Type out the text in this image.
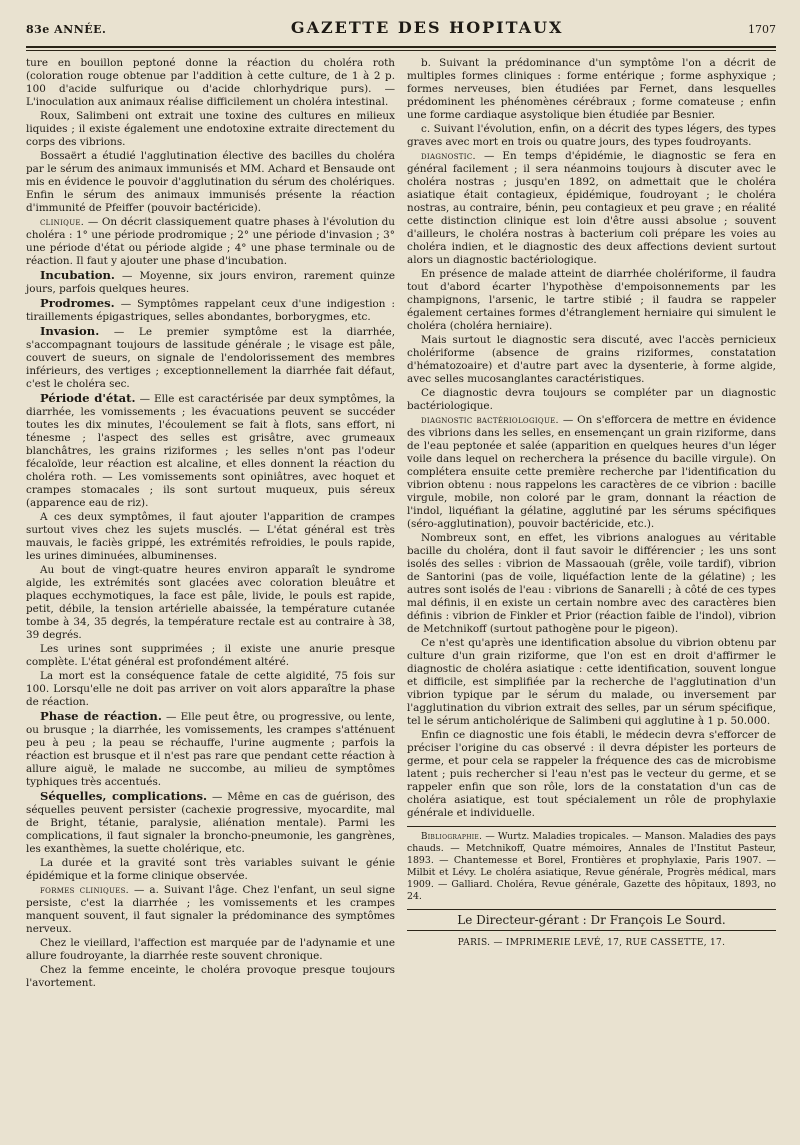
83e ANNÉE.	GAZETTE DES HOPITAUX	1707

ture en bouillon peptoné donne la réaction du choléra roth (coloration rouge obtenue par l'addition à cette culture, de 1 à 2 p. 100 d'acide sulfurique ou d'acide chlorhydrique purs). — L'inoculation aux animaux réalise difficilement un choléra intestinal.

Roux, Salimbeni ont extrait une toxine des cultures en milieux liquides ; il existe également une endotoxine extraite directement du corps des vibrions.

Bossaërt a étudié l'agglutination élective des bacilles du choléra par le sérum des animaux immunisés et MM. Achard et Bensaude ont mis en évidence le pouvoir d'agglutination du sérum des cholériques. Enfin le sérum des animaux immunisés présente la réaction d'immunité de Pfeiffer (pouvoir bactéricide).

clinique. — On décrit classiquement quatre phases à l'évolution du choléra : 1° une période prodromique ; 2° une période d'invasion ; 3° une période d'état ou période algide ; 4° une phase terminale ou de réaction. Il faut y ajouter une phase d'incubation.

Incubation. — Moyenne, six jours environ, rarement quinze jours, parfois quelques heures.

Prodromes. — Symptômes rappelant ceux d'une indigestion : tiraillements épigastriques, selles abondantes, borborygmes, etc.

Invasion. — Le premier symptôme est la diarrhée, s'accompagnant toujours de lassitude générale ; le visage est pâle, couvert de sueurs, on signale de l'endolorissement des membres inférieurs, des vertiges ; exceptionnellement la diarrhée fait défaut, c'est le choléra sec.

Période d'état. — Elle est caractérisée par deux symptômes, la diarrhée, les vomissements ; les évacuations peuvent se succéder toutes les dix minutes, l'écoulement se fait à flots, sans effort, ni ténesme ; l'aspect des selles est grisâtre, avec grumeaux blanchâtres, les grains riziformes ; les selles n'ont pas l'odeur fécaloïde, leur réaction est alcaline, et elles donnent la réaction du choléra roth. — Les vomissements sont opiniâtres, avec hoquet et crampes stomacales ; ils sont surtout muqueux, puis séreux (apparence eau de riz).

A ces deux symptômes, il faut ajouter l'apparition de crampes surtout vives chez les sujets musclés. — L'état général est très mauvais, le faciès grippé, les extrémités refroidies, le pouls rapide, les urines diminuées, albuminenses.

Au bout de vingt-quatre heures environ apparaît le syndrome algide, les extrémités sont glacées avec coloration bleuâtre et plaques ecchymotiques, la face est pâle, livide, le pouls est rapide, petit, débile, la tension artérielle abaissée, la température cutanée tombe à 34, 35 degrés, la température rectale est au contraire à 38, 39 degrés.

Les urines sont supprimées ; il existe une anurie presque complète. L'état général est profondément altéré.

La mort est la conséquence fatale de cette algidité, 75 fois sur 100. Lorsqu'elle ne doit pas arriver on voit alors apparaître la phase de réaction.

Phase de réaction. — Elle peut être, ou progressive, ou lente, ou brusque ; la diarrhée, les vomissements, les crampes s'atténuent peu à peu ; la peau se réchauffe, l'urine augmente ; parfois la réaction est brusque et il n'est pas rare que pendant cette réaction à allure aiguë, le malade ne succombe, au milieu de symptômes typhiques très accentués.

Séquelles, complications. — Même en cas de guérison, des séquelles peuvent persister (cachexie progressive, myocardite, mal de Bright, tétanie, paralysie, aliénation mentale). Parmi les complications, il faut signaler la broncho-pneumonie, les gangrènes, les exanthèmes, la suette cholérique, etc.

La durée et la gravité sont très variables suivant le génie épidémique et la forme clinique observée.

formes cliniques. — a. Suivant l'âge. Chez l'enfant, un seul signe persiste, c'est la diarrhée ; les vomissements et les crampes manquent souvent, il faut signaler la prédominance des symptômes nerveux.

Chez le vieillard, l'affection est marquée par de l'adynamie et une allure foudroyante, la diarrhée reste souvent chronique.

Chez la femme enceinte, le choléra provoque presque toujours l'avortement.

b. Suivant la prédominance d'un symptôme l'on a décrit de multiples formes cliniques : forme entérique ; forme asphyxique ; formes nerveuses, bien étudiées par Fernet, dans lesquelles prédominent les phénomènes cérébraux ; forme comateuse ; enfin une forme cardiaque asystolique bien étudiée par Besnier.

c. Suivant l'évolution, enfin, on a décrit des types légers, des types graves avec mort en trois ou quatre jours, des types foudroyants.

diagnostic. — En temps d'épidémie, le diagnostic se fera en général facilement ; il sera néanmoins toujours à discuter avec le choléra nostras ; jusqu'en 1892, on admettait que le choléra asiatique était contagieux, épidémique, foudroyant ; le choléra nostras, au contraire, bénin, peu contagieux et peu grave ; en réalité cette distinction clinique est loin d'être aussi absolue ; souvent d'ailleurs, le choléra nostras à bacterium coli prépare les voies au choléra indien, et le diagnostic des deux affections devient surtout alors un diagnostic bactériologique.

En présence de malade atteint de diarrhée cholériforme, il faudra tout d'abord écarter l'hypothèse d'empoisonnements par les champignons, l'arsenic, le tartre stibié ; il faudra se rappeler également certaines formes d'étranglement herniaire qui simulent le choléra (choléra herniaire).

Mais surtout le diagnostic sera discuté, avec l'accès pernicieux cholériforme (absence de grains riziformes, constatation d'hématozoaire) et d'autre part avec la dysenterie, à forme algide, avec selles mucosanglantes caractéristiques.

Ce diagnostic devra toujours se compléter par un diagnostic bactériologique.

diagnostic bactériologique. — On s'efforcera de mettre en évidence des vibrions dans les selles, en ensemençant un grain riziforme, dans de l'eau peptonée et salée (apparition en quelques heures d'un léger voile dans lequel on recherchera la présence du bacille virgule). On complétera ensuite cette première recherche par l'identification du vibrion obtenu : nous rappelons les caractères de ce vibrion : bacille virgule, mobile, non coloré par le gram, donnant la réaction de l'indol, liquéfiant la gélatine, agglutiné par les sérums spécifiques (séro-agglutination), pouvoir bactéricide, etc.).

Nombreux sont, en effet, les vibrions analogues au véritable bacille du choléra, dont il faut savoir le différencier ; les uns sont isolés des selles : vibrion de Massaouah (grêle, voile tardif), vibrion de Santorini (pas de voile, liquéfaction lente de la gélatine) ; les autres sont isolés de l'eau : vibrions de Sanarelli ; à côté de ces types mal définis, il en existe un certain nombre avec des caractères bien définis : vibrion de Finkler et Prior (réaction faible de l'indol), vibrion de Metchnikoff (surtout pathogène pour le pigeon).

Ce n'est qu'après une identification absolue du vibrion obtenu par culture d'un grain riziforme, que l'on est en droit d'affirmer le diagnostic de choléra asiatique : cette identification, souvent longue et difficile, est simplifiée par la recherche de l'agglutination d'un vibrion typique par le sérum du malade, ou inversement par l'agglutination du vibrion extrait des selles, par un sérum spécifique, tel le sérum anticholérique de Salimbeni qui agglutine à 1 p. 50.000.

Enfin ce diagnostic une fois établi, le médecin devra s'efforcer de préciser l'origine du cas observé : il devra dépister les porteurs de germe, et pour cela se rappeler la fréquence des cas de microbisme latent ; puis rechercher si l'eau n'est pas le vecteur du germe, et se rappeler enfin que son rôle, lors de la constatation d'un cas de choléra asiatique, est tout spécialement un rôle de prophylaxie générale et individuelle.

Bibliographie. — Wurtz. Maladies tropicales. — Manson. Maladies des pays chauds. — Metchnikoff, Quatre mémoires, Annales de l'Institut Pasteur, 1893. — Chantemesse et Borel, Frontières et prophylaxie, Paris 1907. — Milbit et Lévy. Le choléra asiatique, Revue générale, Progrès médical, mars 1909. — Galliard. Choléra, Revue générale, Gazette des hôpitaux, 1893, no 24.

Le Directeur-gérant : Dr François Le Sourd.
PARIS. — IMPRIMERIE LEVÉ, 17, RUE CASSETTE, 17.
